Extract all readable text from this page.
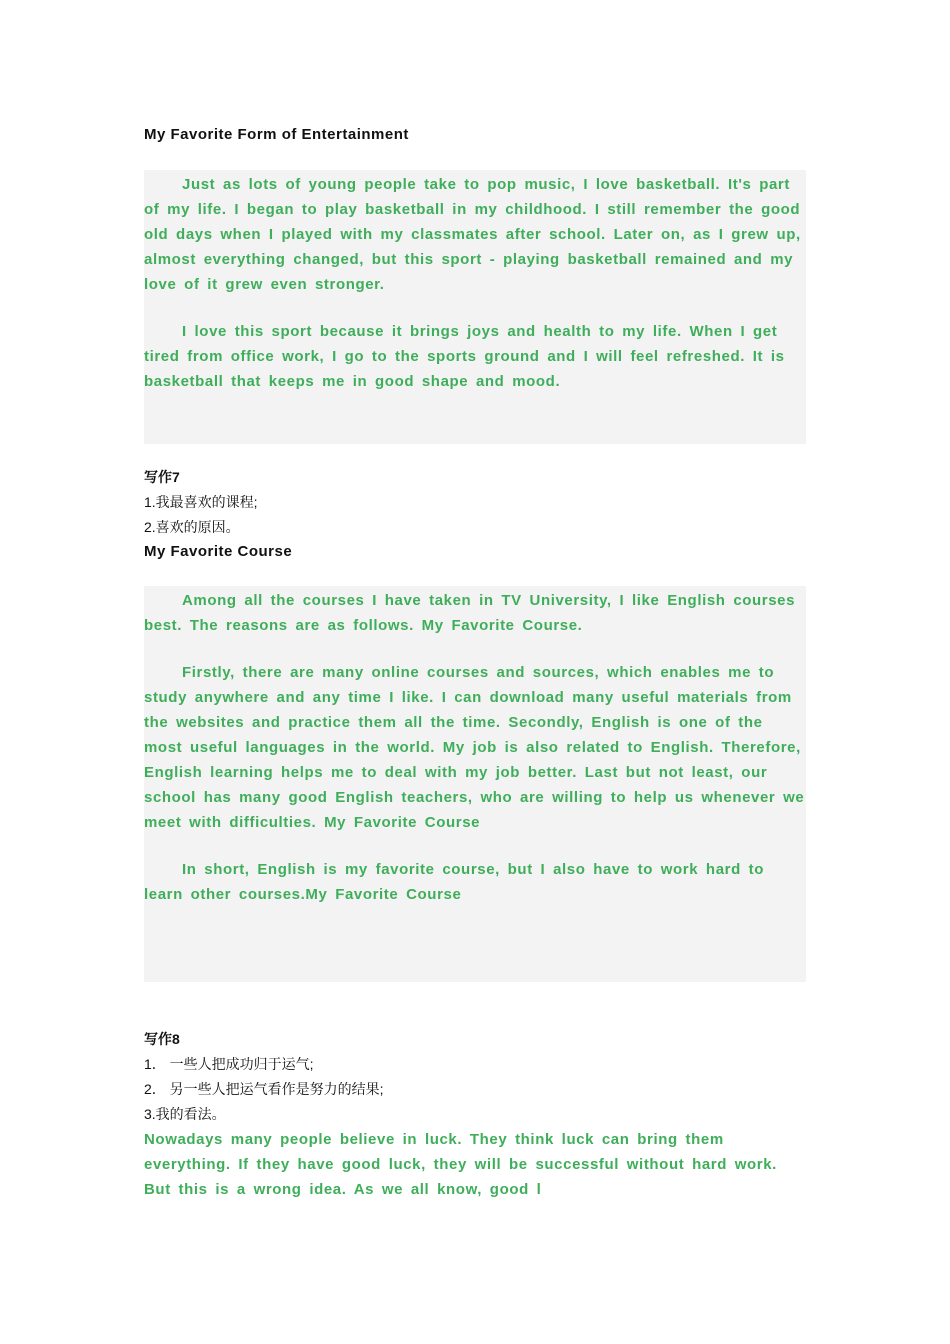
My Favorite Form of Entertainment

Just as lots of young people take to pop music, I love basketball. It's part of my life. I began to play basketball in my childhood. I still remember the good old days when I played with my classmates after school. Later on, as I grew up, almost everything changed, but this sport - playing basketball remained and my love of it grew even stronger.

I love this sport because it brings joys and health to my life. When I get tired from office work, I go to the sports ground and I will feel refreshed. It is basketball that keeps me in good shape and mood.

写作7

1.我最喜欢的课程;

2.喜欢的原因。

My Favorite Course

Among all the courses I have taken in TV University, I like English courses best. The reasons are as follows. My Favorite Course.

Firstly, there are many online courses and sources, which enables me to study anywhere and any time I like. I can download many useful materials from the websites and practice them all the time. Secondly, English is one of the most useful languages in the world. My job is also related to English. Therefore, English learning helps me to deal with my job better. Last but not least, our school has many good English teachers, who are willing to help us whenever we meet with difficulties. My Favorite Course

In short, English is my favorite course, but I also have to work hard to learn other courses.My Favorite Course

写作8

1． 一些人把成功归于运气;

2． 另一些人把运气看作是努力的结果;

3.我的看法。

Nowadays many people believe in luck. They think luck can bring them everything. If they have good luck, they will be successful without hard work. But this is a wrong idea. As we all know, good l
